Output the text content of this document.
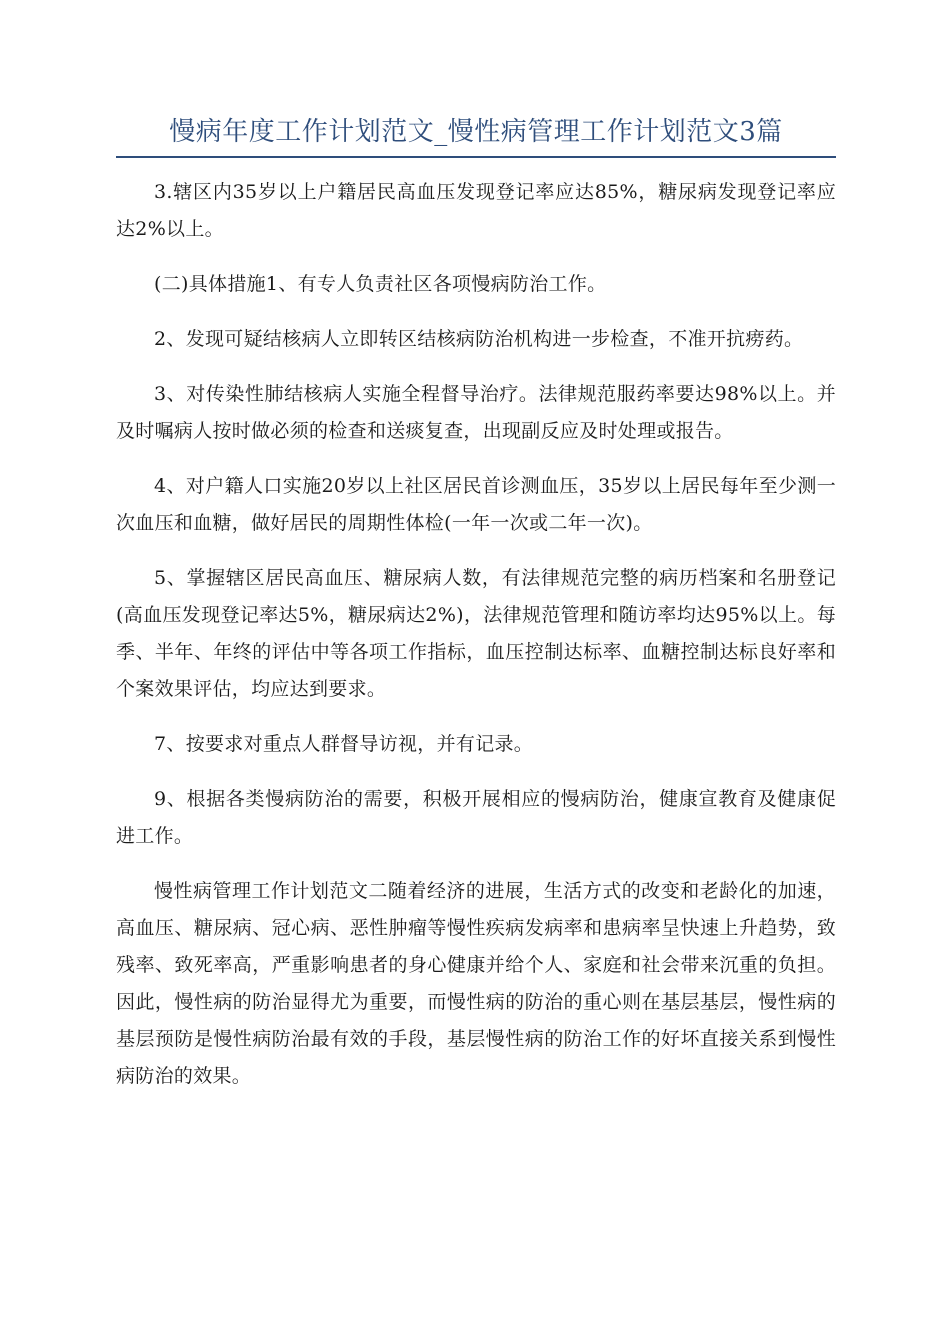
慢病年度工作计划范文_慢性病管理工作计划范文3篇

3.辖区内35岁以上户籍居民高血压发现登记率应达85%，糖尿病发现登记率应达2%以上。

(二)具体措施1、有专人负责社区各项慢病防治工作。

2、发现可疑结核病人立即转区结核病防治机构进一步检查，不准开抗痨药。

3、对传染性肺结核病人实施全程督导治疗。法律规范服药率要达98%以上。并及时嘱病人按时做必须的检查和送痰复查，出现副反应及时处理或报告。

4、对户籍人口实施20岁以上社区居民首诊测血压，35岁以上居民每年至少测一次血压和血糖，做好居民的周期性体检(一年一次或二年一次)。

5、掌握辖区居民高血压、糖尿病人数，有法律规范完整的病历档案和名册登记(高血压发现登记率达5%，糖尿病达2%)，法律规范管理和随访率均达95%以上。每季、半年、年终的评估中等各项工作指标，血压控制达标率、血糖控制达标良好率和个案效果评估，均应达到要求。

7、按要求对重点人群督导访视，并有记录。

9、根据各类慢病防治的需要，积极开展相应的慢病防治，健康宣教育及健康促进工作。

慢性病管理工作计划范文二随着经济的进展，生活方式的改变和老龄化的加速，高血压、糖尿病、冠心病、恶性肿瘤等慢性疾病发病率和患病率呈快速上升趋势，致残率、致死率高，严重影响患者的身心健康并给个人、家庭和社会带来沉重的负担。因此，慢性病的防治显得尤为重要，而慢性病的防治的重心则在基层基层，慢性病的基层预防是慢性病防治最有效的手段，基层慢性病的防治工作的好坏直接关系到慢性病防治的效果。
